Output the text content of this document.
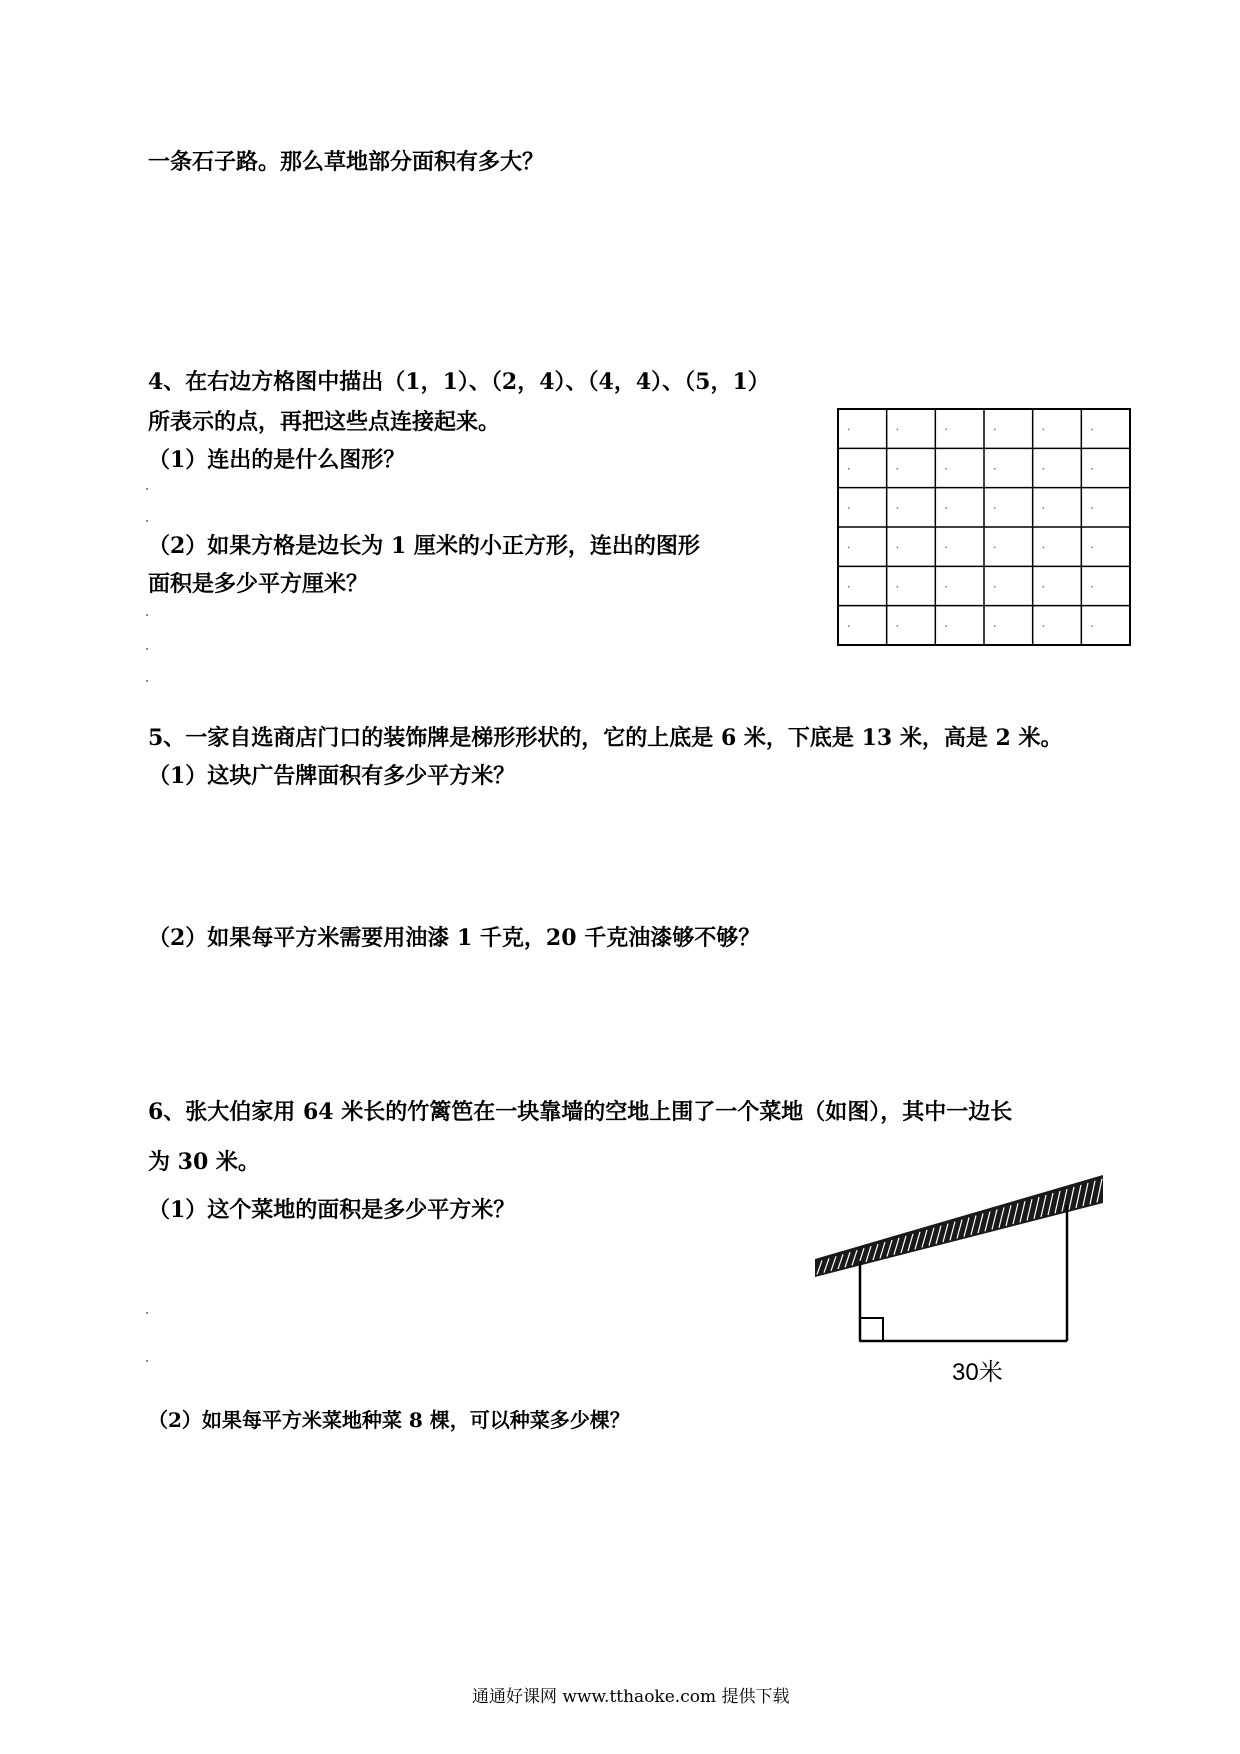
一条石子路。那么草地部分面积有多大？
4、在右边方格图中描出（1，1）、（2，4）、（4，4）、（5，1）
所表示的点，再把这些点连接起来。
（1）连出的是什么图形？
（2）如果方格是边长为 1 厘米的小正方形，连出的图形
面积是多少平方厘米？
5、一家自选商店门口的装饰牌是梯形形状的，它的上底是 6 米，下底是 13 米，高是 2 米。
（1）这块广告牌面积有多少平方米？
（2）如果每平方米需要用油漆 1 千克，20 千克油漆够不够？
6、张大伯家用 64 米长的竹篱笆在一块靠墙的空地上围了一个菜地（如图），其中一边长
为 30 米。
（1）这个菜地的面积是多少平方米？
（2）如果每平方米菜地种菜 8 棵，可以种菜多少棵？
30米
通通好课网 www.tthaoke.com 提供下载
